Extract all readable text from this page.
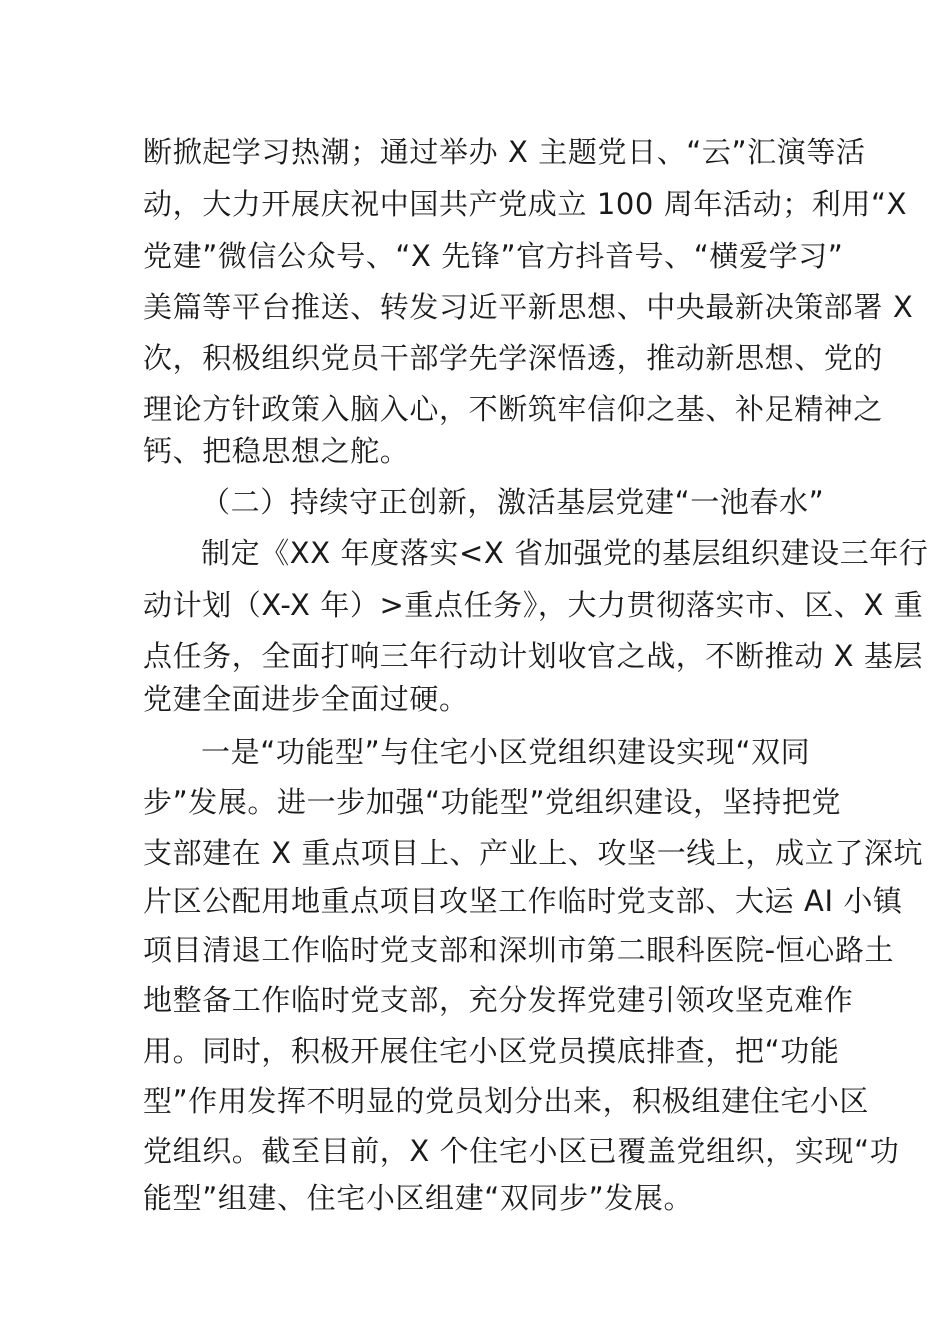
断掀起学习热潮；通过举办 X 主题党日、“云”汇演等活
动，大力开展庆祝中国共产党成立 100 周年活动；利用“X
党建”微信公众号、“X 先锋”官方抖音号、“横爱学习”
美篇等平台推送、转发习近平新思想、中央最新决策部署 X
次，积极组织党员干部学先学深悟透，推动新思想、党的
理论方针政策入脑入心，不断筑牢信仰之基、补足精神之
钙、把稳思想之舵。
（二）持续守正创新，激活基层党建“一池春水”
制定《XX 年度落实<X 省加强党的基层组织建设三年行
动计划（X-X 年）>重点任务》，大力贯彻落实市、区、X 重
点任务，全面打响三年行动计划收官之战，不断推动 X 基层
党建全面进步全面过硬。
一是“功能型”与住宅小区党组织建设实现“双同
步”发展。进一步加强“功能型”党组织建设，坚持把党
支部建在 X 重点项目上、产业上、攻坚一线上，成立了深坑
片区公配用地重点项目攻坚工作临时党支部、大运 AI 小镇
项目清退工作临时党支部和深圳市第二眼科医院-恒心路土
地整备工作临时党支部，充分发挥党建引领攻坚克难作
用。同时，积极开展住宅小区党员摸底排查，把“功能
型”作用发挥不明显的党员划分出来，积极组建住宅小区
党组织。截至目前，X 个住宅小区已覆盖党组织，实现“功
能型”组建、住宅小区组建“双同步”发展。
